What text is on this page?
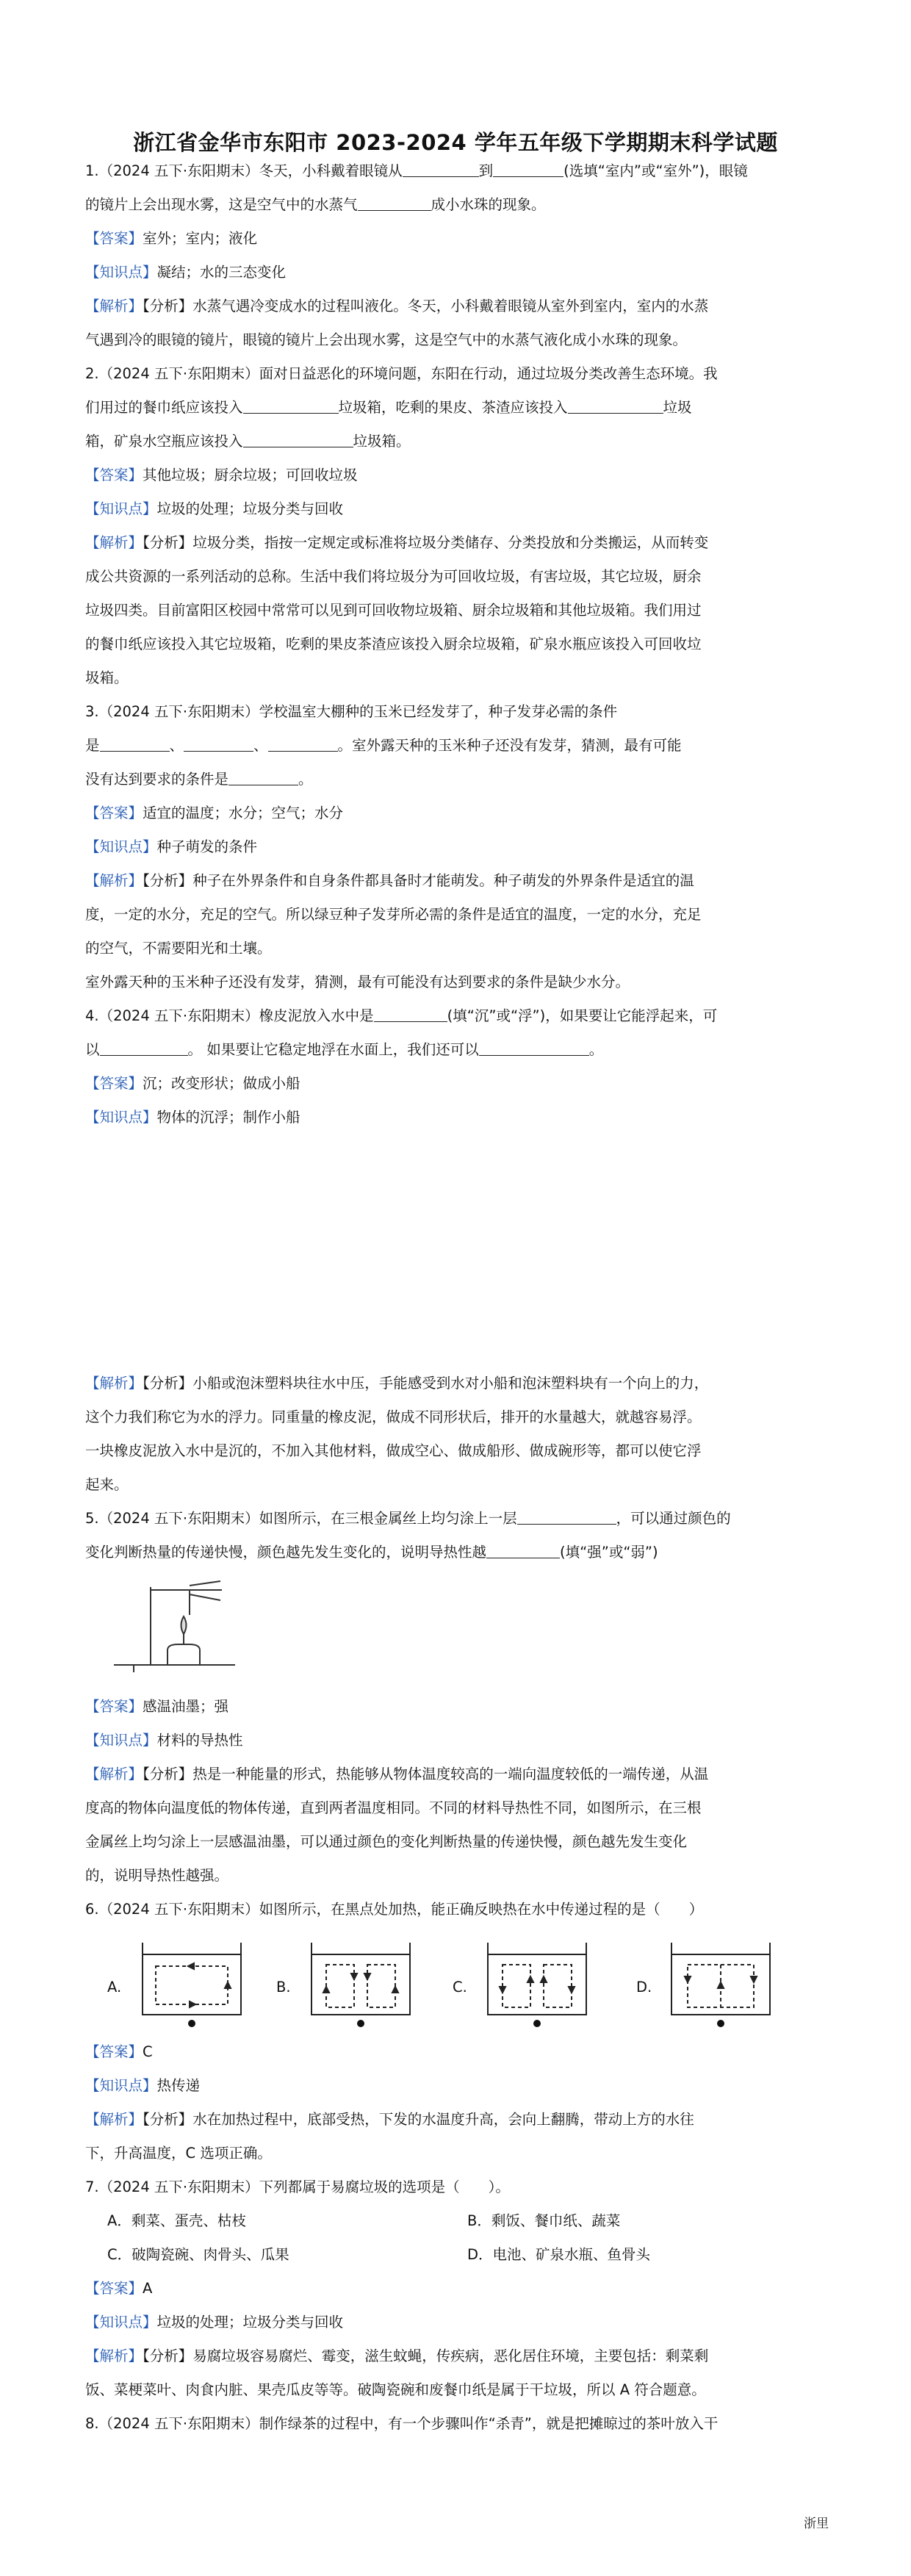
浙江省金华市东阳市 2023-2024 学年五年级下学期期末科学试题
1.（2024 五下·东阳期末）冬天，小科戴着眼镜从	到	(选填“室内”或“室外”)，眼镜
的镜片上会出现水雾，这是空气中的水蒸气	成小水珠的现象。
【答案】室外；室内；液化
【知识点】凝结；水的三态变化
【解析】【分析】水蒸气遇冷变成水的过程叫液化。冬天，小科戴着眼镜从室外到室内，室内的水蒸
气遇到冷的眼镜的镜片，眼镜的镜片上会出现水雾，这是空气中的水蒸气液化成小水珠的现象。
2.（2024 五下·东阳期末）面对日益恶化的环境问题，东阳在行动，通过垃圾分类改善生态环境。我
们用过的餐巾纸应该投入	垃圾箱，吃剩的果皮、茶渣应该投入	垃圾
箱，矿泉水空瓶应该投入	垃圾箱。
【答案】其他垃圾；厨余垃圾；可回收垃圾
【知识点】垃圾的处理；垃圾分类与回收
【解析】【分析】垃圾分类，指按一定规定或标准将垃圾分类储存、分类投放和分类搬运，从而转变
成公共资源的一系列活动的总称。生活中我们将垃圾分为可回收垃圾，有害垃圾，其它垃圾，厨余
垃圾四类。目前富阳区校园中常常可以见到可回收物垃圾箱、厨余垃圾箱和其他垃圾箱。我们用过
的餐巾纸应该投入其它垃圾箱，吃剩的果皮茶渣应该投入厨余垃圾箱，矿泉水瓶应该投入可回收垃
圾箱。
3.（2024 五下·东阳期末）学校温室大棚种的玉米已经发芽了，种子发芽必需的条件
是	、	、	。室外露天种的玉米种子还没有发芽，猜测，最有可能
没有达到要求的条件是	。
【答案】适宜的温度；水分；空气；水分
【知识点】种子萌发的条件
【解析】【分析】种子在外界条件和自身条件都具备时才能萌发。种子萌发的外界条件是适宜的温
度，一定的水分，充足的空气。所以绿豆种子发芽所必需的条件是适宜的温度，一定的水分，充足
的空气，不需要阳光和土壤。
室外露天种的玉米种子还没有发芽，猜测，最有可能没有达到要求的条件是缺少水分。
4.（2024 五下·东阳期末）橡皮泥放入水中是	(填“沉”或“浮”)，如果要让它能浮起来，可
以	。 如果要让它稳定地浮在水面上，我们还可以	。
【答案】沉；改变形状；做成小船
【知识点】物体的沉浮；制作小船
【解析】【分析】小船或泡沫塑料块往水中压，手能感受到水对小船和泡沫塑料块有一个向上的力，
这个力我们称它为水的浮力。同重量的橡皮泥，做成不同形状后，排开的水量越大，就越容易浮。
一块橡皮泥放入水中是沉的，不加入其他材料，做成空心、做成船形、做成碗形等，都可以使它浮
起来。
5.（2024 五下·东阳期末）如图所示，在三根金属丝上均匀涂上一层	，可以通过颜色的
变化判断热量的传递快慢，颜色越先发生变化的，说明导热性越	(填“强”或“弱”)
【答案】感温油墨；强
【知识点】材料的导热性
【解析】【分析】热是一种能量的形式，热能够从物体温度较高的一端向温度较低的一端传递，从温
度高的物体向温度低的物体传递，直到两者温度相同。不同的材料导热性不同，如图所示，在三根
金属丝上均匀涂上一层感温油墨，可以通过颜色的变化判断热量的传递快慢，颜色越先发生变化
的，说明导热性越强。
6.（2024 五下·东阳期末）如图所示，在黑点处加热，能正确反映热在水中传递过程的是（　　）
A.	B.	C.	D.
【答案】C
【知识点】热传递
【解析】【分析】水在加热过程中，底部受热，下发的水温度升高，会向上翻腾，带动上方的水往
下，升高温度，C 选项正确。
7.（2024 五下·东阳期末）下列都属于易腐垃圾的选项是（　　）。
A．剩菜、蛋壳、枯枝	B．剩饭、餐巾纸、蔬菜
C．破陶瓷碗、肉骨头、瓜果	D．电池、矿泉水瓶、鱼骨头
【答案】A
【知识点】垃圾的处理；垃圾分类与回收
【解析】【分析】易腐垃圾容易腐烂、霉变，滋生蚊蝇，传疾病，恶化居住环境，主要包括：剩菜剩
饭、菜梗菜叶、肉食内脏、果壳瓜皮等等。破陶瓷碗和废餐巾纸是属于干垃圾，所以 A 符合题意。
8.（2024 五下·东阳期末）制作绿茶的过程中，有一个步骤叫作“杀青”，就是把摊晾过的茶叶放入干
浙里
